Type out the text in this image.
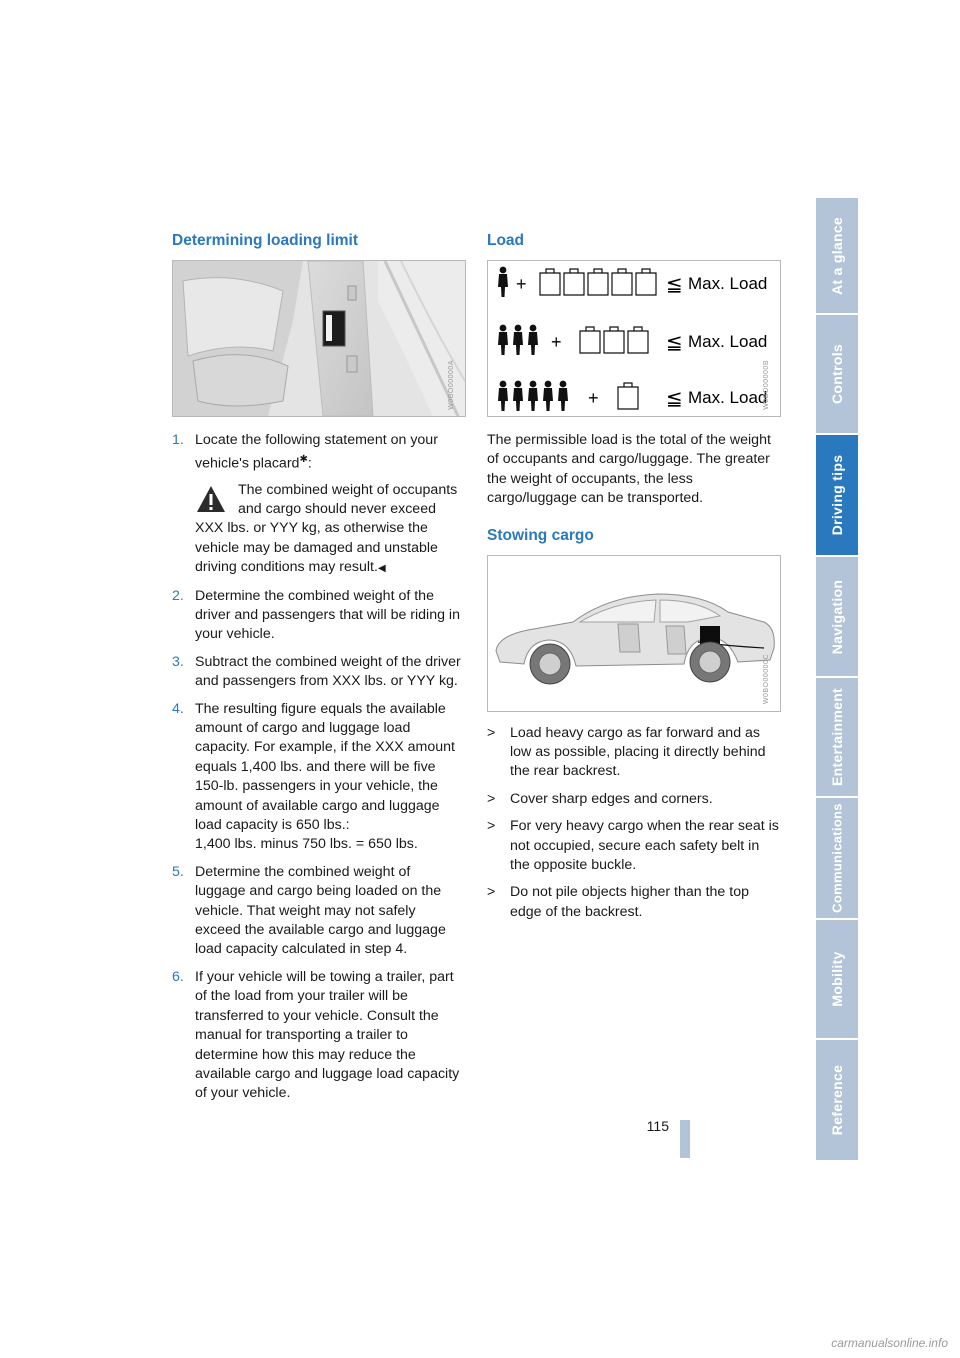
Determining loading limit
W0BO00000A
1. Locate the following statement on your vehicle's placard✱:
The combined weight of occupants and cargo should never exceed XXX lbs. or YYY kg, as otherwise the vehicle may be damaged and unstable driving conditions may result.◀
2. Determine the combined weight of the driver and passengers that will be riding in your vehicle.
3. Subtract the combined weight of the driver and passengers from XXX lbs. or YYY kg.
4. The resulting figure equals the available amount of cargo and luggage load capacity. For example, if the XXX amount equals 1,400 lbs. and there will be five 150-lb. passengers in your vehicle, the amount of available cargo and luggage load capacity is 650 lbs.:
1,400 lbs. minus 750 lbs. = 650 lbs.
5. Determine the combined weight of luggage and cargo being loaded on the vehicle. That weight may not safely exceed the available cargo and luggage load capacity calculated in step 4.
6. If your vehicle will be towing a trailer, part of the load from your trailer will be transferred to your vehicle. Consult the manual for transporting a trailer to determine how this may reduce the available cargo and luggage load capacity of your vehicle.
Load
+	≦ Max. Load
+	≦ Max. Load
+	≦ Max. Load
W0BO00000B

The permissible load is the total of the weight of occupants and cargo/luggage. The greater the weight of occupants, the less cargo/luggage can be transported.

Stowing cargo
W0BO00000C
> Load heavy cargo as far forward and as low as possible, placing it directly behind the rear backrest.
> Cover sharp edges and corners.
> For very heavy cargo when the rear seat is not occupied, secure each safety belt in the opposite buckle.
> Do not pile objects higher than the top edge of the backrest.
At a glance
Controls
Driving tips
Navigation
Entertainment
Communications
Mobility
Reference
115
carmanualsonline.info
